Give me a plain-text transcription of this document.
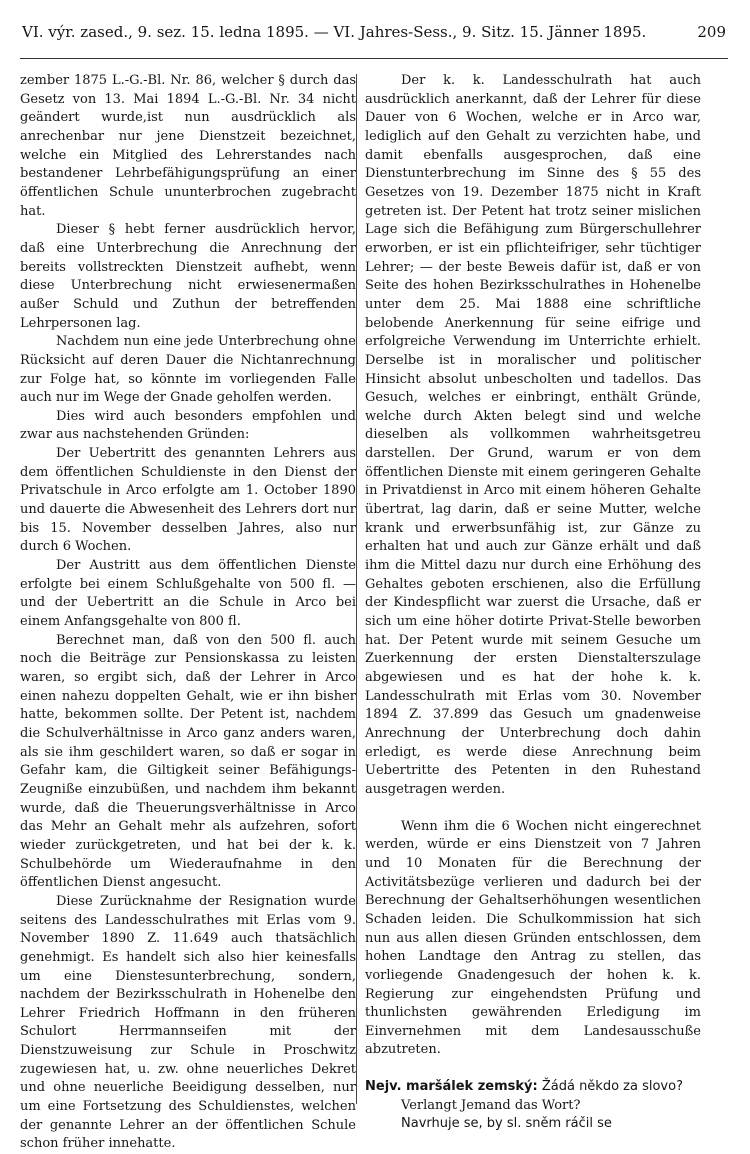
VI. výr. zased., 9. sez. 15. ledna 1895. — VI. Jahres-Sess., 9. Sitz. 15. Jänner 1895.	209

zember 1875 L.-G.-Bl. Nr. 86, welcher § durch das Gesetz von 13. Mai 1894 L.-G.-Bl. Nr. 34 nicht geändert wurde,ist nun ausdrücklich als anrechenbar nur jene Dienstzeit bezeichnet, welche ein Mitglied des Lehrerstandes nach bestandener Lehrbefähigungsprüfung an einer öffentlichen Schule ununterbrochen zugebracht hat.

Dieser § hebt ferner ausdrücklich hervor, daß eine Unterbrechung die Anrechnung der bereits vollstreckten Dienstzeit aufhebt, wenn diese Unterbrechung nicht erwiesenermaßen außer Schuld und Zuthun der betreffenden Lehrpersonen lag.

Nachdem nun eine jede Unterbrechung ohne Rücksicht auf deren Dauer die Nichtanrechnung zur Folge hat, so könnte im vorliegenden Falle auch nur im Wege der Gnade geholfen werden.

Dies wird auch besonders empfohlen und zwar aus nachstehenden Gründen:

Der Uebertritt des genannten Lehrers aus dem öffentlichen Schuldienste in den Dienst der Privatschule in Arco erfolgte am 1. October 1890 und dauerte die Abwesenheit des Lehrers dort nur bis 15. November desselben Jahres, also nur durch 6 Wochen.

Der Austritt aus dem öffentlichen Dienste erfolgte bei einem Schlußgehalte von 500 fl. — und der Uebertritt an die Schule in Arco bei einem Anfangsgehalte von 800 fl.

Berechnet man, daß von den 500 fl. auch noch die Beiträge zur Pensionskassa zu leisten waren, so ergibt sich, daß der Lehrer in Arco einen nahezu doppelten Gehalt, wie er ihn bisher hatte, bekommen sollte. Der Petent ist, nachdem die Schulverhältnisse in Arco ganz anders waren, als sie ihm geschildert waren, so daß er sogar in Gefahr kam, die Giltigkeit seiner Befähigungs-Zeugniße einzubüßen, und nachdem ihm bekannt wurde, daß die Theuerungsverhältnisse in Arco das Mehr an Gehalt mehr als aufzehren, sofort wieder zurückgetreten, und hat bei der k. k. Schulbehörde um Wiederaufnahme in den öffentlichen Dienst angesucht.

Diese Zurücknahme der Resignation wurde seitens des Landesschulrathes mit Erlas vom 9. November 1890 Z. 11.649 auch thatsächlich genehmigt. Es handelt sich also hier keinesfalls um eine Dienstesunterbrechung, sondern, nachdem der Bezirksschulrath in Hohenelbe den Lehrer Friedrich Hoffmann in den früheren Schulort Herrmannseifen mit der Dienstzuweisung zur Schule in Proschwitz zugewiesen hat, u. zw. ohne neuerliches Dekret und ohne neuerliche Beeidigung desselben, nur um eine Fortsetzung des Schuldienstes, welchen der genannte Lehrer an der öffentlichen Schule schon früher innehatte.

Der k. k. Landesschulrath hat auch ausdrücklich anerkannt, daß der Lehrer für diese Dauer von 6 Wochen, welche er in Arco war, lediglich auf den Gehalt zu verzichten habe, und damit ebenfalls ausgesprochen, daß eine Dienstunterbrechung im Sinne des § 55 des Gesetzes von 19. Dezember 1875 nicht in Kraft getreten ist. Der Petent hat trotz seiner mislichen Lage sich die Befähigung zum Bürgerschullehrer erworben, er ist ein pflichteifriger, sehr tüchtiger Lehrer; — der beste Beweis dafür ist, daß er von Seite des hohen Bezirksschulrathes in Hohenelbe unter dem 25. Mai 1888 eine schriftliche belobende Anerkennung für seine eifrige und erfolgreiche Verwendung im Unterrichte erhielt. Derselbe ist in moralischer und politischer Hinsicht absolut unbescholten und tadellos. Das Gesuch, welches er einbringt, enthält Gründe, welche durch Akten belegt sind und welche dieselben als vollkommen wahrheitsgetreu darstellen. Der Grund, warum er von dem öffentlichen Dienste mit einem geringeren Gehalte in Privatdienst in Arco mit einem höheren Gehalte übertrat, lag darin, daß er seine Mutter, welche krank und erwerbsunfähig ist, zur Gänze zu erhalten hat und auch zur Gänze erhält und daß ihm die Mittel dazu nur durch eine Erhöhung des Gehaltes geboten erschienen, also die Erfüllung der Kindespflicht war zuerst die Ursache, daß er sich um eine höher dotirte Privat-Stelle beworben hat. Der Petent wurde mit seinem Gesuche um Zuerkennung der ersten Dienstalterszulage abgewiesen und es hat der hohe k. k. Landesschulrath mit Erlas vom 30. November 1894 Z. 37.899 das Gesuch um gnadenweise Anrechnung der Unterbrechung doch dahin erledigt, es werde diese Anrechnung beim Uebertritte des Petenten in den Ruhestand ausgetragen werden.

Wenn ihm die 6 Wochen nicht eingerechnet werden, würde er eins Dienstzeit von 7 Jahren und 10 Monaten für die Berechnung der Activitätsbezüge verlieren und dadurch bei der Berechnung der Gehaltserhöhungen wesentlichen Schaden leiden. Die Schulkommission hat sich nun aus allen diesen Gründen entschlossen, dem hohen Landtage den Antrag zu stellen, das vorliegende Gnadengesuch der hohen k. k. Regierung zur eingehendsten Prüfung und thunlichsten gewährenden Erledigung im Einvernehmen mit dem Landesausschuße abzutreten.

Nejv. maršálek zemský: Žádá někdo za slovo?

Verlangt Jemand das Wort?

Navrhuje se, by sl. sněm ráčil se
